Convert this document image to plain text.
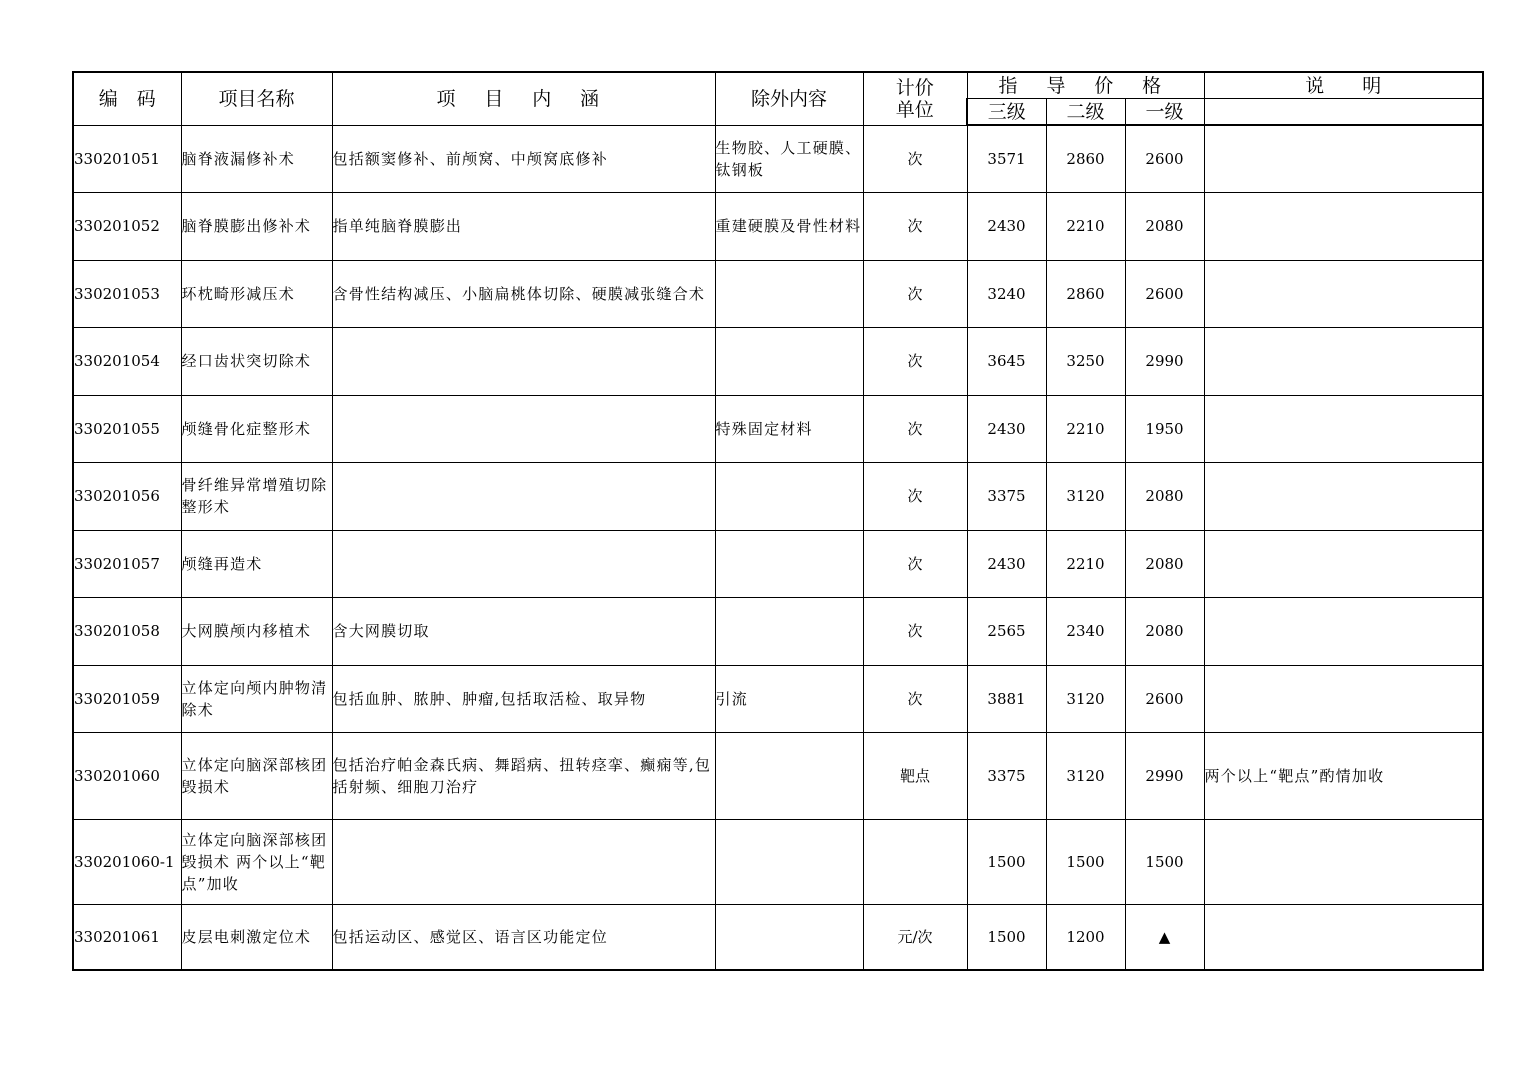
编　码	项目名称	项 目 内 涵	除外内容	计价单位	指 导 价 格			说　　明
					三级	二级	一级	
330201051	脑脊液漏修补术	包括额窦修补、前颅窝、中颅窝底修补	生物胶、人工硬膜、钛钢板	次	3571	2860	2600	
330201052	脑脊膜膨出修补术	指单纯脑脊膜膨出	重建硬膜及骨性材料	次	2430	2210	2080	
330201053	环枕畸形减压术	含骨性结构减压、小脑扁桃体切除、硬膜减张缝合术		次	3240	2860	2600	
330201054	经口齿状突切除术			次	3645	3250	2990	
330201055	颅缝骨化症整形术		特殊固定材料	次	2430	2210	1950	
330201056	骨纤维异常增殖切除整形术			次	3375	3120	2080	
330201057	颅缝再造术			次	2430	2210	2080	
330201058	大网膜颅内移植术	含大网膜切取		次	2565	2340	2080	
330201059	立体定向颅内肿物清除术	包括血肿、脓肿、肿瘤,包括取活检、取异物	引流	次	3881	3120	2600	
330201060	立体定向脑深部核团毁损术	包括治疗帕金森氏病、舞蹈病、扭转痉挛、癫痫等,包括射频、细胞刀治疗		靶点	3375	3120	2990	两个以上“靶点”酌情加收
330201060-1	立体定向脑深部核团毁损术 两个以上“靶点”加收				1500	1500	1500	
330201061	皮层电刺激定位术	包括运动区、感觉区、语言区功能定位		元/次	1500	1200	▲	
